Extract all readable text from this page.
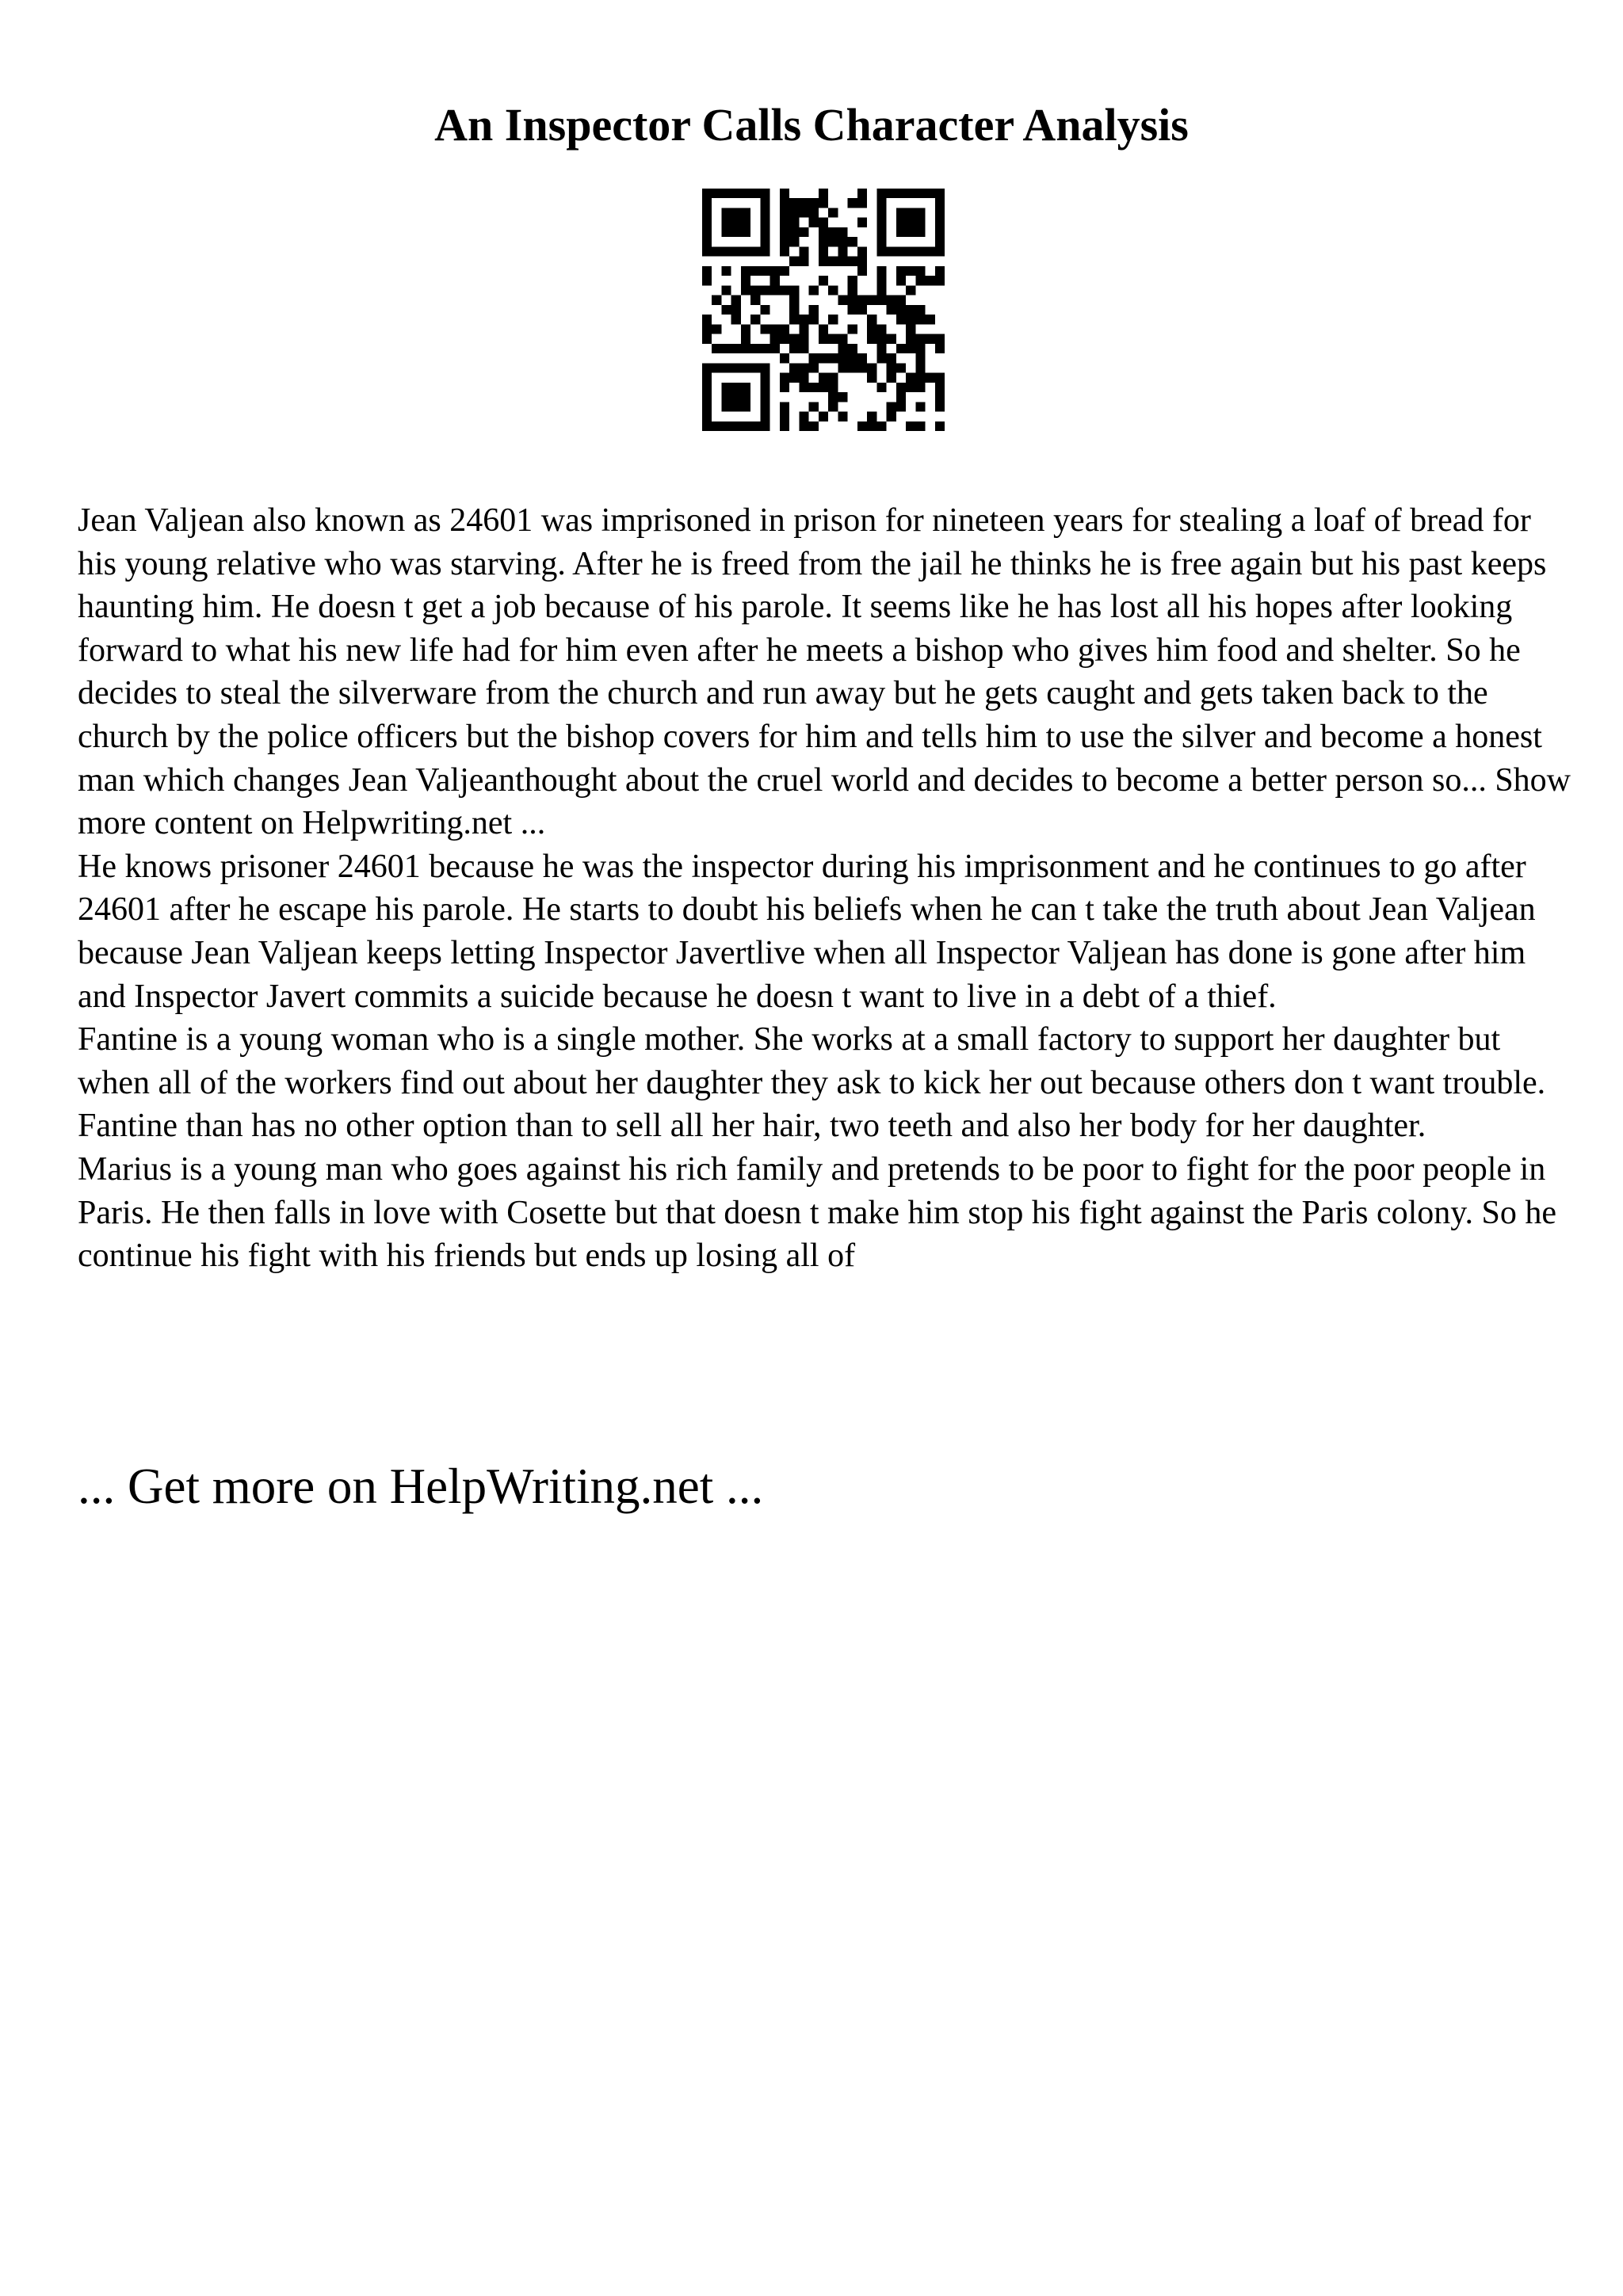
An Inspector Calls Character Analysis

Jean Valjean also known as 24601 was imprisoned in prison for nineteen years for stealing a loaf of bread for his young relative who was starving. After he is freed from the jail he thinks he is free again but his past keeps haunting him. He doesn t get a job because of his parole. It seems like he has lost all his hopes after looking forward to what his new life had for him even after he meets a bishop who gives him food and shelter. So he decides to steal the silverware from the church and run away but he gets caught and gets taken back to the church by the police officers but the bishop covers for him and tells him to use the silver and become a honest man which changes Jean Valjeanthought about the cruel world and decides to become a better person so... Show more content on Helpwriting.net ...

He knows prisoner 24601 because he was the inspector during his imprisonment and he continues to go after 24601 after he escape his parole. He starts to doubt his beliefs when he can t take the truth about Jean Valjean because Jean Valjean keeps letting Inspector Javertlive when all Inspector Valjean has done is gone after him and Inspector Javert commits a suicide because he doesn t want to live in a debt of a thief.

Fantine is a young woman who is a single mother. She works at a small factory to support her daughter but when all of the workers find out about her daughter they ask to kick her out because others don t want trouble. Fantine than has no other option than to sell all her hair, two teeth and also her body for her daughter.

Marius is a young man who goes against his rich family and pretends to be poor to fight for the poor people in Paris. He then falls in love with Cosette but that doesn t make him stop his fight against the Paris colony. So he continue his fight with his friends but ends up losing all of

... Get more on HelpWriting.net ...
